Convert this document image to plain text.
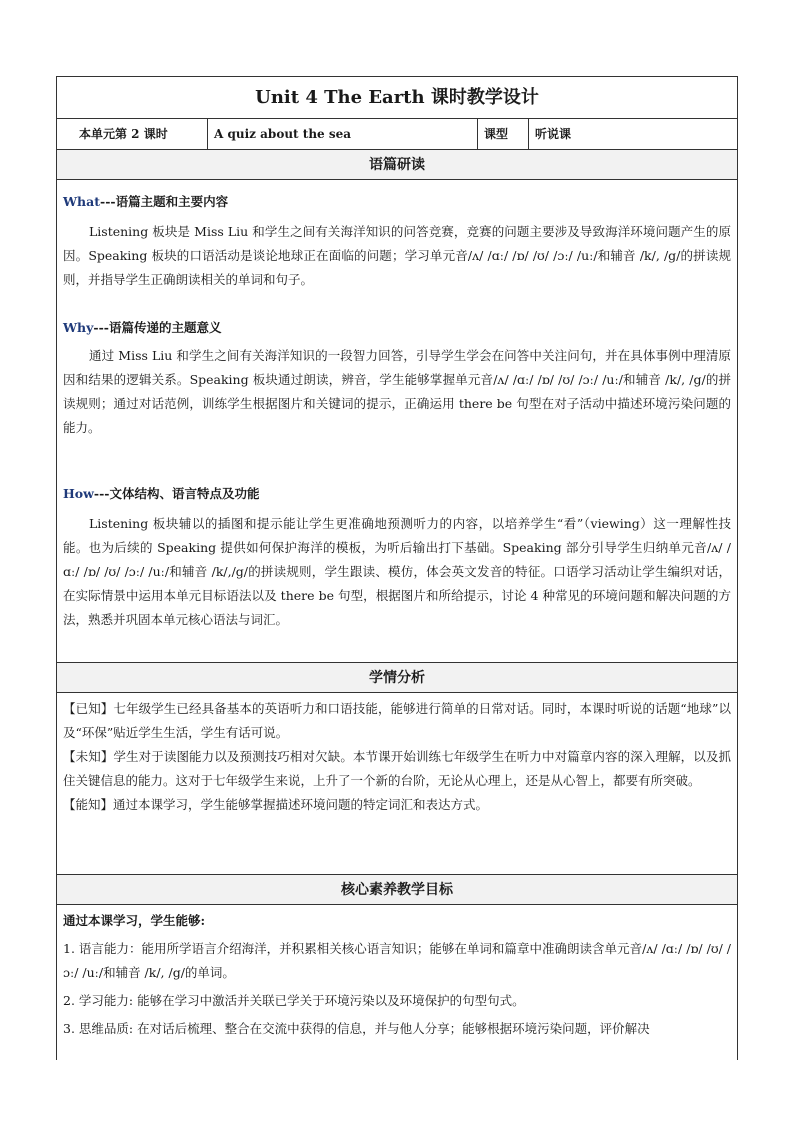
Unit 4 The Earth 课时教学设计
本单元第 2 课时	A quiz about the sea	课型	听说课
语篇研读
What---语篇主题和主要内容

Listening 板块是 Miss Liu 和学生之间有关海洋知识的问答竞赛，竞赛的问题主要涉及导致海洋环境问题产生的原因。Speaking 板块的口语活动是谈论地球正在面临的问题；学习单元音/ʌ/ /ɑː/ /ɒ/ /ʊ/ /ɔː/ /uː/和辅音 /k/, /g/的拼读规则，并指导学生正确朗读相关的单词和句子。

Why---语篇传递的主题意义

通过 Miss Liu 和学生之间有关海洋知识的一段智力回答，引导学生学会在问答中关注问句，并在具体事例中理清原因和结果的逻辑关系。Speaking 板块通过朗读，辨音，学生能够掌握单元音/ʌ/ /ɑː/ /ɒ/ /ʊ/ /ɔː/ /uː/和辅音 /k/, /g/的拼读规则；通过对话范例，训练学生根据图片和关键词的提示，正确运用 there be 句型在对子活动中描述环境污染问题的能力。

How---文体结构、语言特点及功能

Listening 板块辅以的插图和提示能让学生更准确地预测听力的内容，以培养学生“看”（viewing）这一理解性技能。也为后续的 Speaking 提供如何保护海洋的模板，为听后输出打下基础。Speaking 部分引导学生归纳单元音/ʌ/ /ɑː/ /ɒ/ /ʊ/ /ɔː/ /uː/和辅音 /k/,/g/的拼读规则，学生跟读、模仿，体会英文发音的特征。口语学习活动让学生编织对话，在实际情景中运用本单元目标语法以及 there be 句型，根据图片和所给提示，讨论 4 种常见的环境问题和解决问题的方法，熟悉并巩固本单元核心语法与词汇。

学情分析

【已知】七年级学生已经具备基本的英语听力和口语技能，能够进行简单的日常对话。同时，本课时听说的话题“地球”以及“环保”贴近学生生活，学生有话可说。

【未知】学生对于读图能力以及预测技巧相对欠缺。本节课开始训练七年级学生在听力中对篇章内容的深入理解，以及抓住关键信息的能力。这对于七年级学生来说，上升了一个新的台阶，无论从心理上，还是从心智上，都要有所突破。

【能知】通过本课学习，学生能够掌握描述环境问题的特定词汇和表达方式。

核心素养教学目标
通过本课学习，学生能够:

1. 语言能力：能用所学语言介绍海洋，并积累相关核心语言知识；能够在单词和篇章中准确朗读含单元音/ʌ/ /ɑː/ /ɒ/ /ʊ/ /ɔː/ /uː/和辅音 /k/, /g/的单词。

2. 学习能力: 能够在学习中激活并关联已学关于环境污染以及环境保护的句型句式。

3. 思维品质: 在对话后梳理、整合在交流中获得的信息，并与他人分享；能够根据环境污染问题，评价解决
